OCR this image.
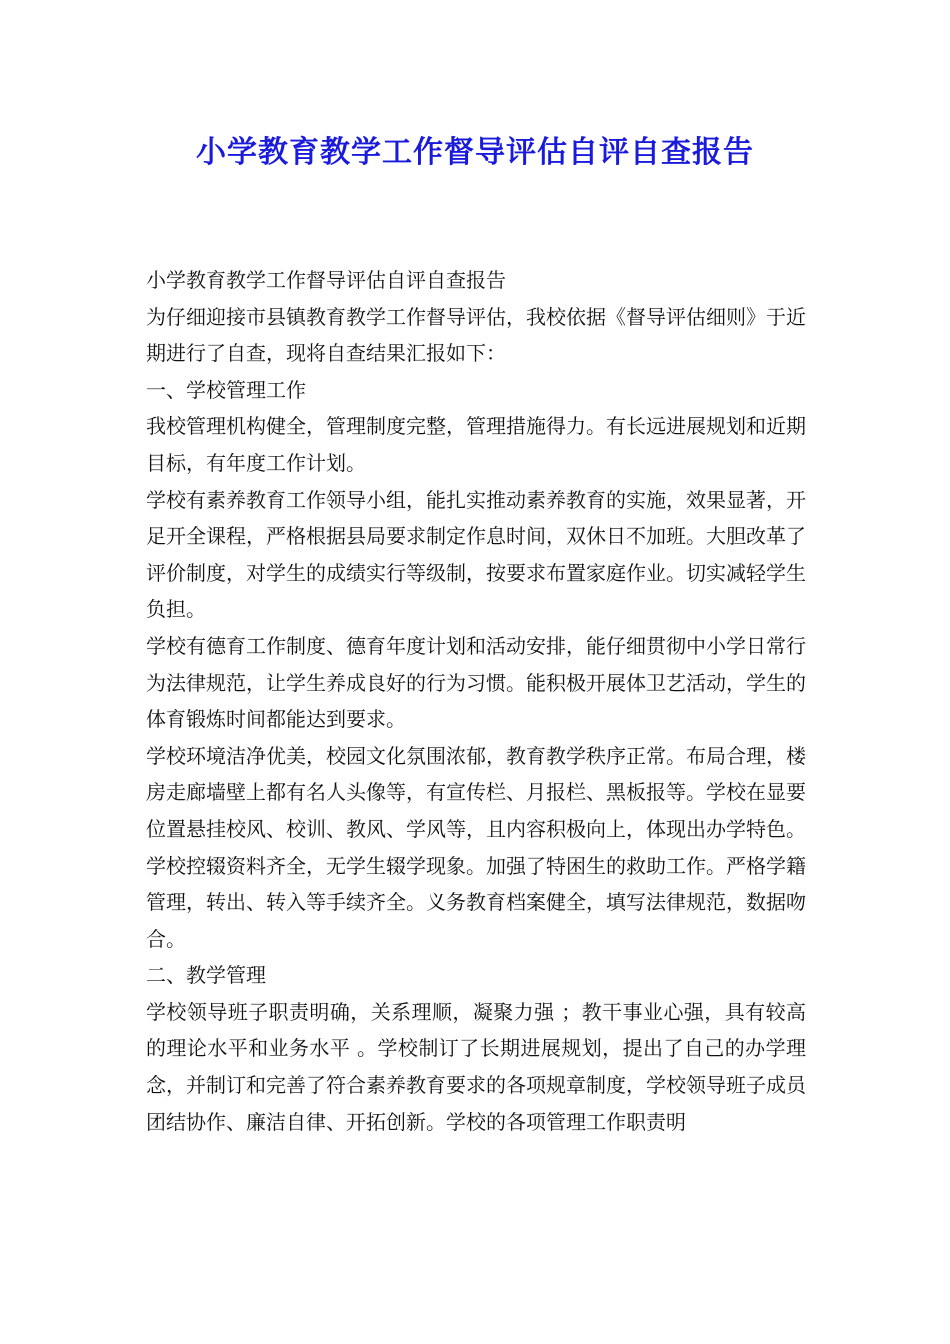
小学教育教学工作督导评估自评自查报告

小学教育教学工作督导评估自评自查报告

为仔细迎接市县镇教育教学工作督导评估，我校依据《督导评估细则》于近期进行了自查，现将自查结果汇报如下：

一、学校管理工作

我校管理机构健全，管理制度完整，管理措施得力。有长远进展规划和近期目标，有年度工作计划。

学校有素养教育工作领导小组，能扎实推动素养教育的实施，效果显著，开足开全课程，严格根据县局要求制定作息时间，双休日不加班。大胆改革了评价制度，对学生的成绩实行等级制，按要求布置家庭作业。切实减轻学生负担。

学校有德育工作制度、德育年度计划和活动安排，能仔细贯彻中小学日常行为法律规范，让学生养成良好的行为习惯。能积极开展体卫艺活动，学生的体育锻炼时间都能达到要求。

学校环境洁净优美，校园文化氛围浓郁，教育教学秩序正常。布局合理，楼房走廊墙壁上都有名人头像等，有宣传栏、月报栏、黑板报等。学校在显要位置悬挂校风、校训、教风、学风等，且内容积极向上，体现出办学特色。

学校控辍资料齐全，无学生辍学现象。加强了特困生的救助工作。严格学籍管理，转出、转入等手续齐全。义务教育档案健全，填写法律规范，数据吻合。

二、教学管理

学校领导班子职责明确，关系理顺，凝聚力强 ；教干事业心强，具有较高的理论水平和业务水平 。学校制订了长期进展规划，提出了自己的办学理念，并制订和完善了符合素养教育要求的各项规章制度，学校领导班子成员团结协作、廉洁自律、开拓创新。学校的各项管理工作职责明
